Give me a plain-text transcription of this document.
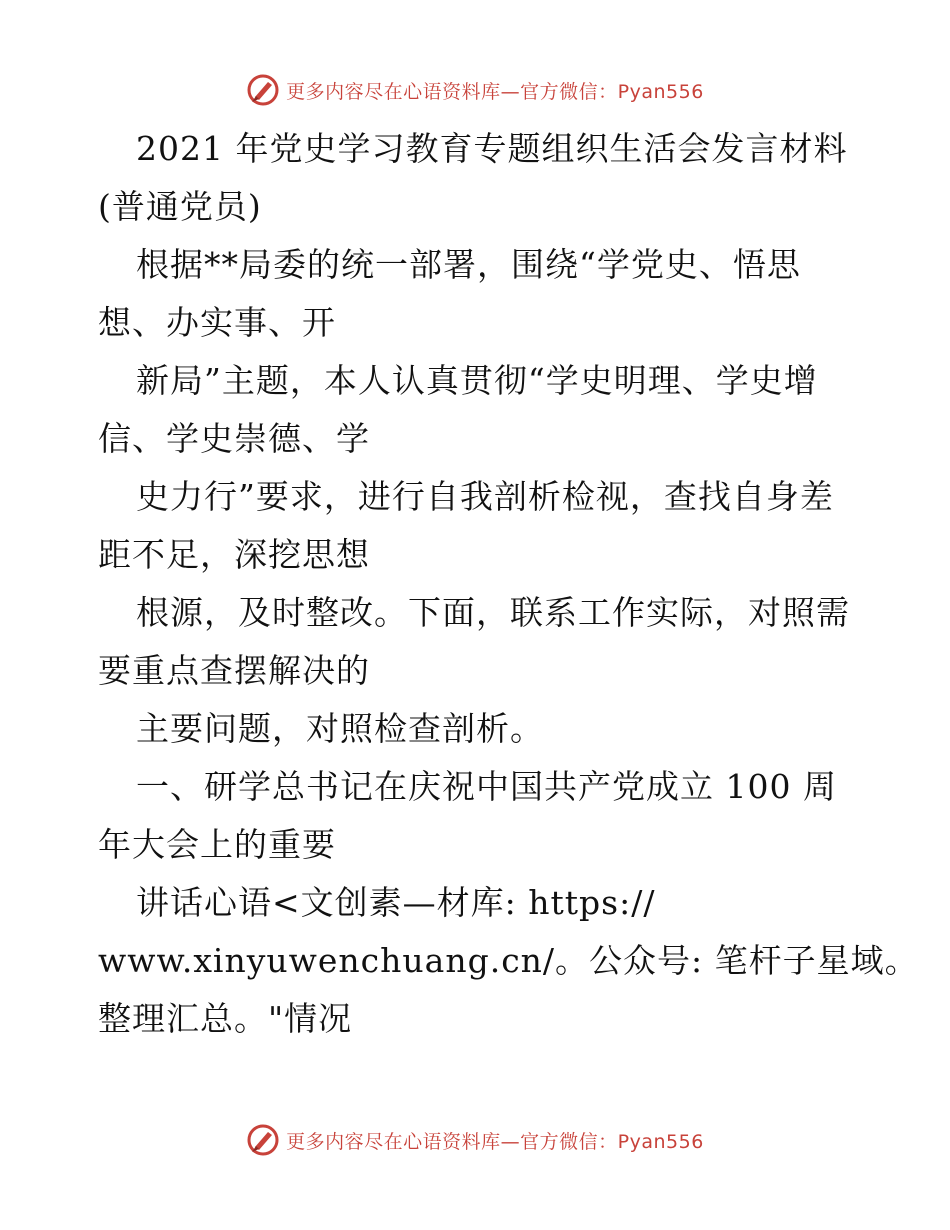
更多内容尽在心语资料库—官方微信：Pyan556
2021 年党史学习教育专题组织生活会发言材料
(普通党员)
根据**局委的统一部署，围绕“学党史、悟思
想、办实事、开
新局”主题，本人认真贯彻“学史明理、学史增
信、学史崇德、学
史力行”要求，进行自我剖析检视，查找自身差
距不足，深挖思想
根源，及时整改。下面，联系工作实际，对照需
要重点查摆解决的
主要问题，对照检查剖析。
一、研学总书记在庆祝中国共产党成立 100 周
年大会上的重要
讲话心语<文创素—材库: https://
www.xinyuwenchuang.cn/。公众号: 笔杆子星域。
整理汇总。"情况
更多内容尽在心语资料库—官方微信：Pyan556
